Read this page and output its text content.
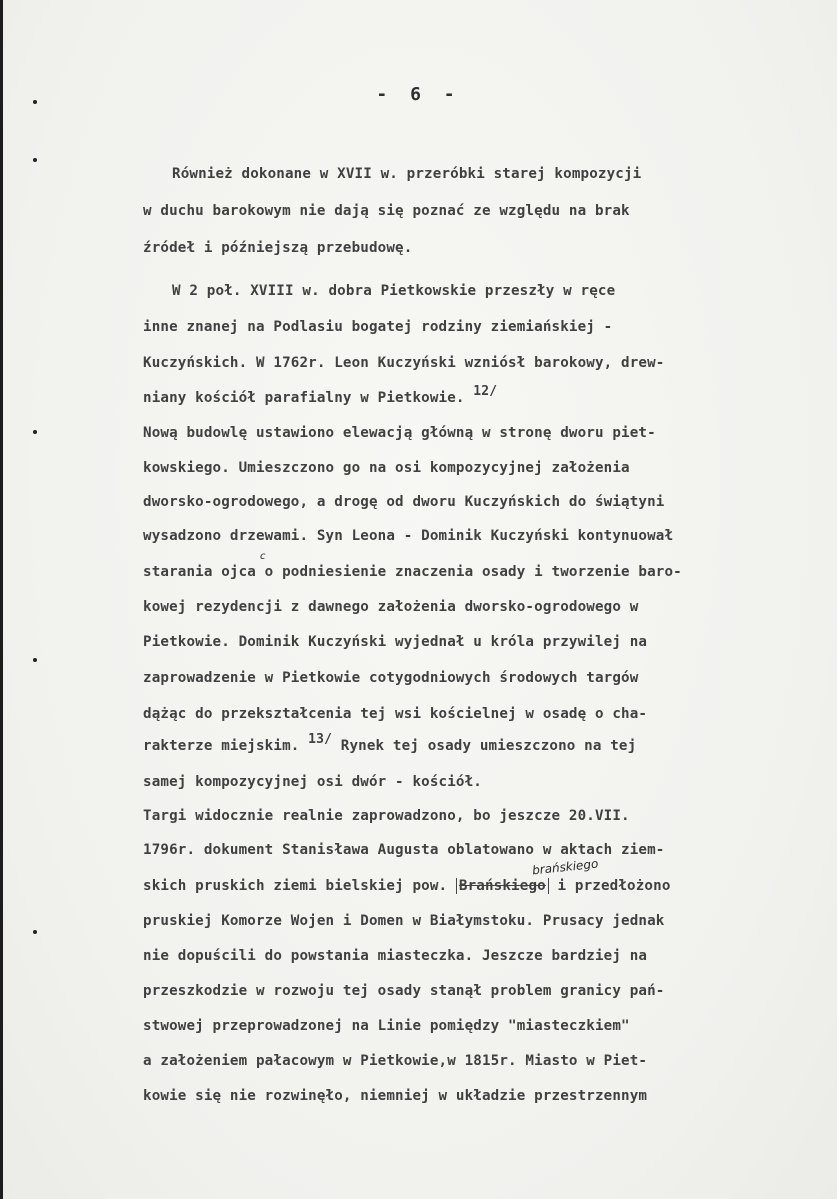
- 6 -
Również dokonane w XVII w. przeróbki starej kompozycji
w duchu barokowym nie dają się poznać ze względu na brak
źródeł i późniejszą przebudowę.
W 2 poł. XVIII w. dobra Pietkowskie przeszły w ręce
inne znanej na Podlasiu bogatej rodziny ziemiańskiej -
Kuczyńskich. W 1762r. Leon Kuczyński wzniósł barokowy, drew-
niany kościół parafialny w Pietkowie. 12/
Nową budowlę ustawiono elewacją główną w stronę dworu piet-
kowskiego. Umieszczono go na osi kompozycyjnej założenia
dworsko-ogrodowego, a drogę od dworu Kuczyńskich do świątyni
wysadzono drzewami. Syn Leona - Dominik Kuczyński kontynuował
c
starania ojca o podniesienie znaczenia osady i tworzenie baro-
kowej rezydencji z dawnego założenia dworsko-ogrodowego w
Pietkowie. Dominik Kuczyński wyjednał u króla przywilej na
zaprowadzenie w Pietkowie cotygodniowych środowych targów
dążąc do przekształcenia tej wsi kościelnej w osadę o cha-
rakterze miejskim. 13/ Rynek tej osady umieszczono na tej
samej kompozycyjnej osi dwór - kościół.
Targi widocznie realnie zaprowadzono, bo jeszcze 20.VII.
1796r. dokument Stanisława Augusta oblatowano w aktach ziem-
brańskiego
skich pruskich ziemi bielskiej pow. Brańskiego i przedłożono
pruskiej Komorze Wojen i Domen w Białymstoku. Prusacy jednak
nie dopuścili do powstania miasteczka. Jeszcze bardziej na
przeszkodzie w rozwoju tej osady stanął problem granicy pań-
stwowej przeprowadzonej na Linie pomiędzy "miasteczkiem"
a założeniem pałacowym w Pietkowie,w 1815r. Miasto w Piet-
kowie się nie rozwinęło, niemniej w układzie przestrzennym
